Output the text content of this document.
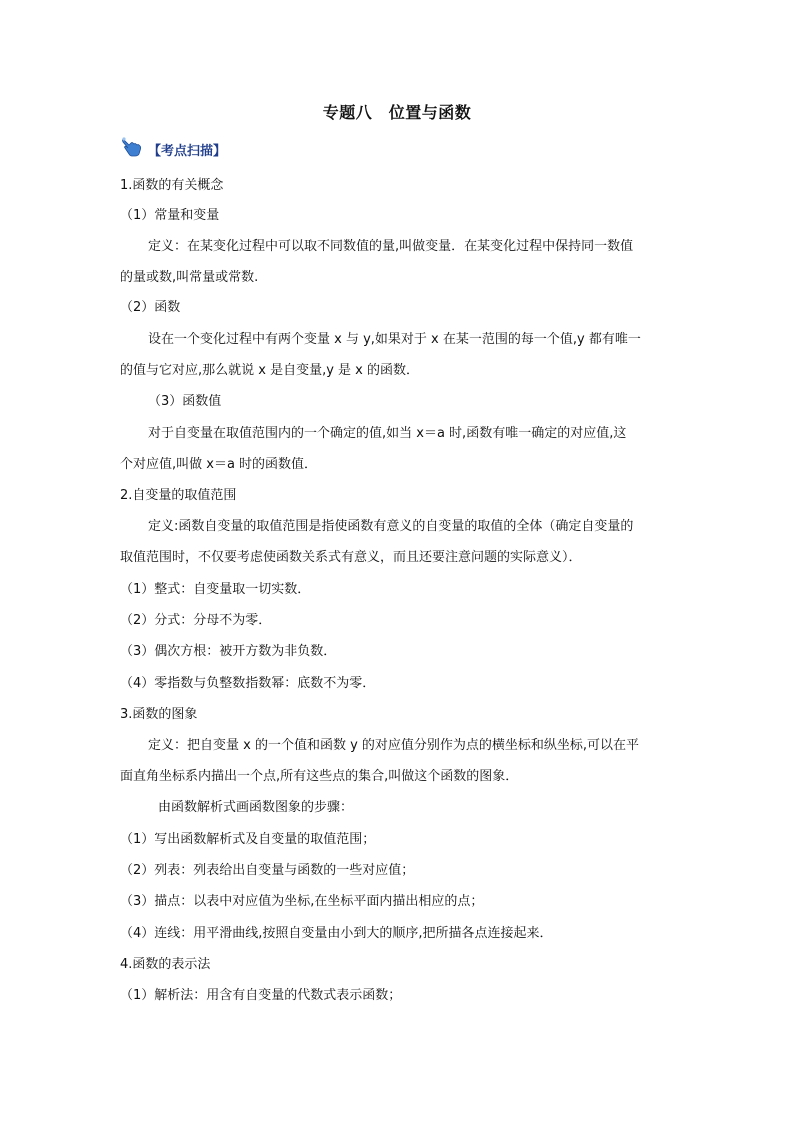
专题八　位置与函数
【考点扫描】
1.函数的有关概念
（1）常量和变量
定义：在某变化过程中可以取不同数值的量,叫做变量．在某变化过程中保持同一数值
的量或数,叫常量或常数.
（2）函数
设在一个变化过程中有两个变量 x 与 y,如果对于 x 在某一范围的每一个值,y 都有唯一
的值与它对应,那么就说 x 是自变量,y 是 x 的函数．
（3）函数值
对于自变量在取值范围内的一个确定的值,如当 x＝a 时,函数有唯一确定的对应值,这
个对应值,叫做 x＝a 时的函数值．
2.自变量的取值范围
定义:函数自变量的取值范围是指使函数有意义的自变量的取值的全体（确定自变量的
取值范围时，不仅要考虑使函数关系式有意义，而且还要注意问题的实际意义）．
（1）整式：自变量取一切实数．
（2）分式：分母不为零．
（3）偶次方根：被开方数为非负数．
（4）零指数与负整数指数幂：底数不为零．
3.函数的图象
定义：把自变量 x 的一个值和函数 y 的对应值分别作为点的横坐标和纵坐标,可以在平
面直角坐标系内描出一个点,所有这些点的集合,叫做这个函数的图象．
由函数解析式画函数图象的步骤：
（1）写出函数解析式及自变量的取值范围；
（2）列表：列表给出自变量与函数的一些对应值；
（3）描点：以表中对应值为坐标,在坐标平面内描出相应的点；
（4）连线：用平滑曲线,按照自变量由小到大的顺序,把所描各点连接起来．
4.函数的表示法
（1）解析法：用含有自变量的代数式表示函数；
